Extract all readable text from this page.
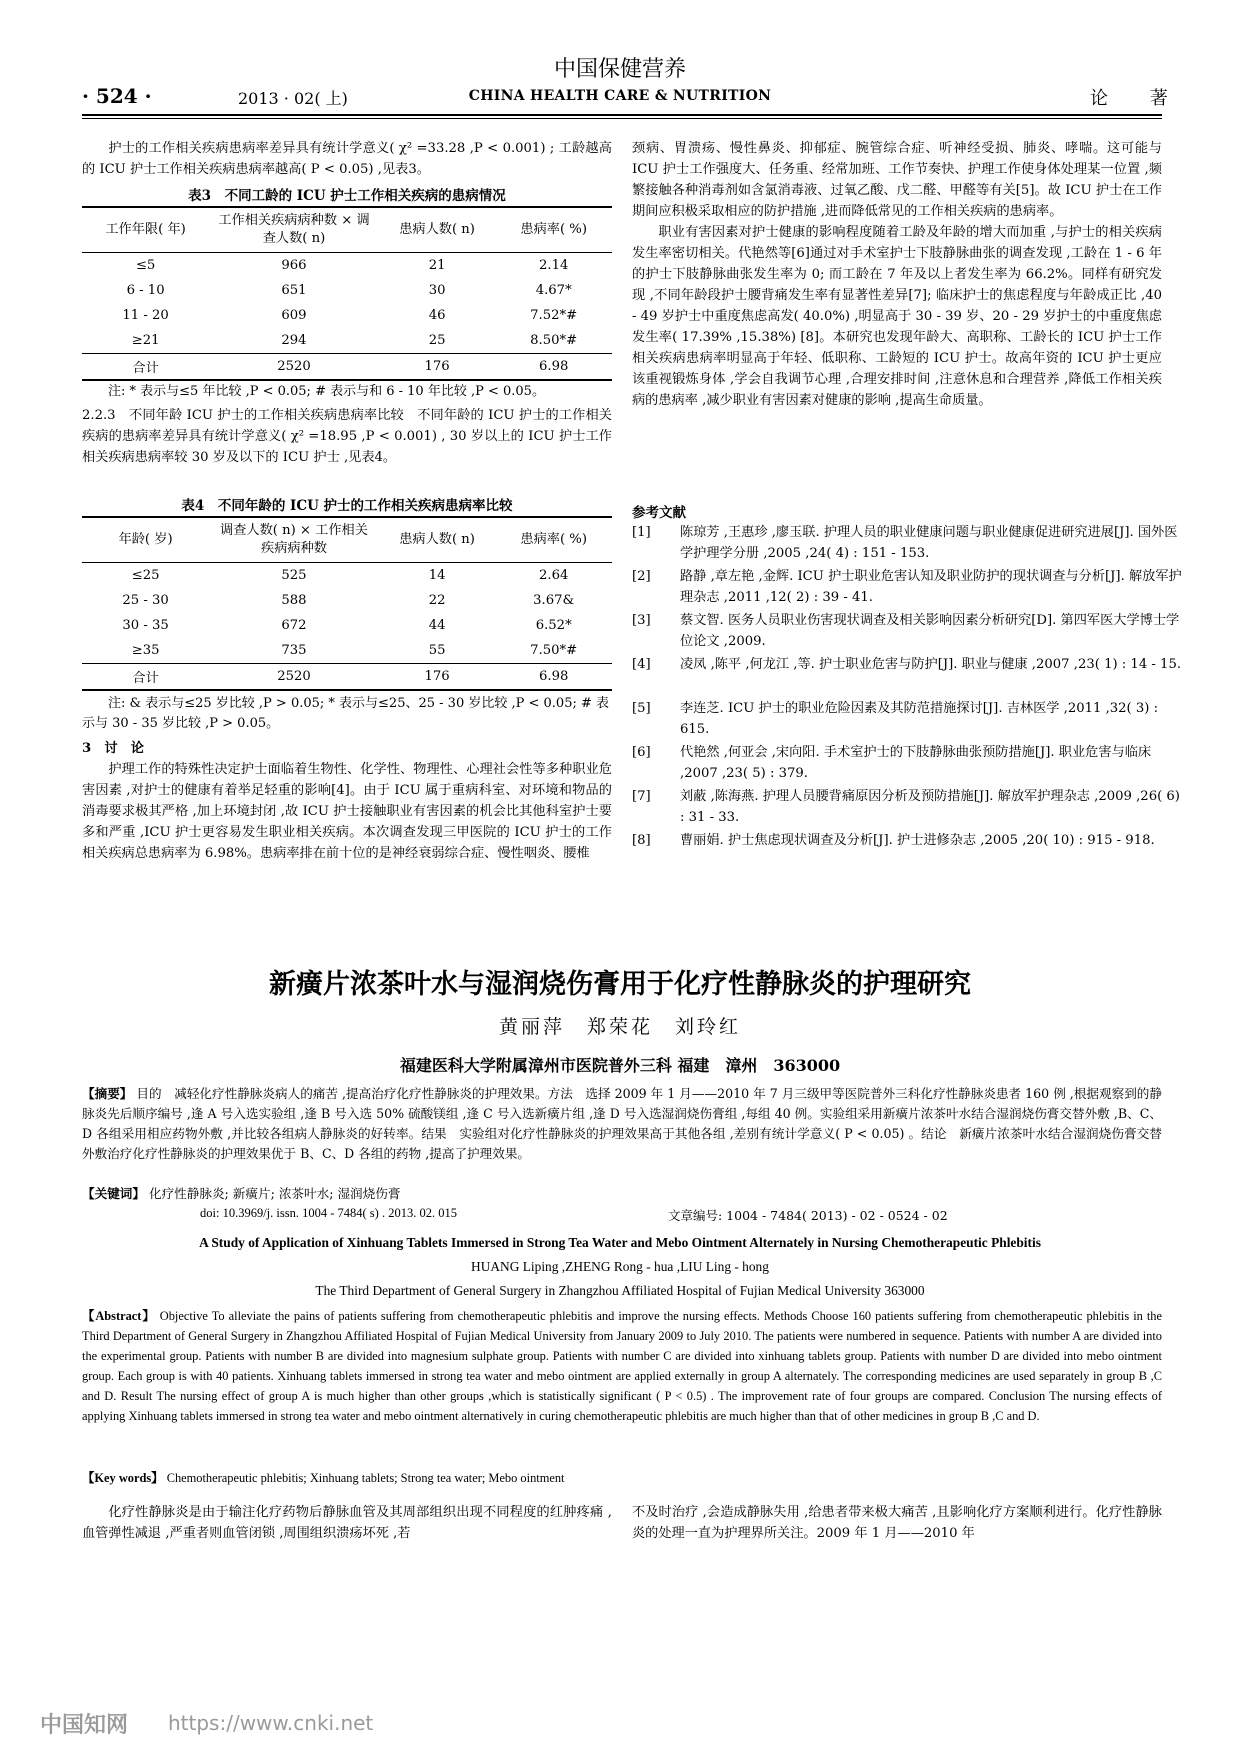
中国保健营养
· 524 ·	2013 · 02( 上)	CHINA HEALTH CARE & NUTRITION	论 著

护士的工作相关疾病患病率差异具有统计学意义( χ² =33.28 ,P < 0.001) ; 工龄越高的 ICU 护士工作相关疾病患病率越高( P < 0.05) ,见表3。

表3　不同工龄的 ICU 护士工作相关疾病的患病情况
工作年限( 年)	工作相关疾病病种数 × 调查人数( n)	患病人数( n)	患病率( %)
≤5	966	21	2.14
6 - 10	651	30	4.67*
11 - 20	609	46	7.52*#
≥21	294	25	8.50*#
合计	2520	176	6.98
注: * 表示与≤5 年比较 ,P < 0.05; # 表示与和 6 - 10 年比较 ,P < 0.05。

2.2.3　不同年龄 ICU 护士的工作相关疾病患病率比较　不同年龄的 ICU 护士的工作相关疾病的患病率差异具有统计学意义( χ² =18.95 ,P < 0.001) , 30 岁以上的 ICU 护士工作相关疾病患病率较 30 岁及以下的 ICU 护士 ,见表4。

表4　不同年龄的 ICU 护士的工作相关疾病患病率比较
年龄( 岁)	调查人数( n) × 工作相关疾病病种数	患病人数( n)	患病率( %)
≤25	525	14	2.64
25 - 30	588	22	3.67&
30 - 35	672	44	6.52*
≥35	735	55	7.50*#
合计	2520	176	6.98
注: & 表示与≤25 岁比较 ,P > 0.05; * 表示与≤25、25 - 30 岁比较 ,P < 0.05; # 表示与 30 - 35 岁比较 ,P > 0.05。

3　讨　论

护理工作的特殊性决定护士面临着生物性、化学性、物理性、心理社会性等多种职业危害因素 ,对护士的健康有着举足轻重的影响[4]。由于 ICU 属于重病科室、对环境和物品的消毒要求极其严格 ,加上环境封闭 ,故 ICU 护士接触职业有害因素的机会比其他科室护士要多和严重 ,ICU 护士更容易发生职业相关疾病。本次调查发现三甲医院的 ICU 护士的工作相关疾病总患病率为 6.98%。患病率排在前十位的是神经衰弱综合症、慢性咽炎、腰椎

颈病、胃溃疡、慢性鼻炎、抑郁症、腕管综合症、听神经受损、肺炎、哮喘。这可能与 ICU 护士工作强度大、任务重、经常加班、工作节奏快、护理工作使身体处理某一位置 ,频繁接触各种消毒剂如含氯消毒液、过氧乙酸、戊二醛、甲醛等有关[5]。故 ICU 护士在工作期间应积极采取相应的防护措施 ,进而降低常见的工作相关疾病的患病率。

职业有害因素对护士健康的影响程度随着工龄及年龄的增大而加重 ,与护士的相关疾病发生率密切相关。代艳然等[6]通过对手术室护士下肢静脉曲张的调查发现 ,工龄在 1 - 6 年的护士下肢静脉曲张发生率为 0; 而工龄在 7 年及以上者发生率为 66.2%。同样有研究发现 ,不同年龄段护士腰背痛发生率有显著性差异[7]; 临床护士的焦虑程度与年龄成正比 ,40 - 49 岁护士中重度焦虑高发( 40.0%) ,明显高于 30 - 39 岁、20 - 29 岁护士的中重度焦虑发生率( 17.39% ,15.38%) [8]。本研究也发现年龄大、高职称、工龄长的 ICU 护士工作相关疾病患病率明显高于年轻、低职称、工龄短的 ICU 护士。故高年资的 ICU 护士更应该重视锻炼身体 ,学会自我调节心理 ,合理安排时间 ,注意休息和合理营养 ,降低工作相关疾病的患病率 ,减少职业有害因素对健康的影响 ,提高生命质量。

参考文献
[1] 陈琼芳 ,王惠珍 ,廖玉联. 护理人员的职业健康问题与职业健康促进研究进展[J]. 国外医学护理学分册 ,2005 ,24( 4) : 151 - 153.
[2] 路静 ,章左艳 ,金辉. ICU 护士职业危害认知及职业防护的现状调查与分析[J]. 解放军护理杂志 ,2011 ,12( 2) : 39 - 41.
[3] 蔡文智. 医务人员职业伤害现状调查及相关影响因素分析研究[D]. 第四军医大学博士学位论文 ,2009.
[4] 凌凤 ,陈平 ,何龙江 ,等. 护士职业危害与防护[J]. 职业与健康 ,2007 ,23( 1) : 14 - 15.
[5] 李连芝. ICU 护士的职业危险因素及其防范措施探讨[J]. 吉林医学 ,2011 ,32( 3) : 615.
[6] 代艳然 ,何亚会 ,宋向阳. 手术室护士的下肢静脉曲张预防措施[J]. 职业危害与临床 ,2007 ,23( 5) : 379.
[7] 刘蔽 ,陈海燕. 护理人员腰背痛原因分析及预防措施[J]. 解放军护理杂志 ,2009 ,26( 6) : 31 - 33.
[8] 曹丽娟. 护士焦虑现状调查及分析[J]. 护士进修杂志 ,2005 ,20( 10) : 915 - 918.
新癀片浓茶叶水与湿润烧伤膏用于化疗性静脉炎的护理研究
黄丽萍　郑荣花　刘玲红
福建医科大学附属漳州市医院普外三科 福建　漳州　363000
【摘要】 目的　减轻化疗性静脉炎病人的痛苦 ,提高治疗化疗性静脉炎的护理效果。方法　选择 2009 年 1 月——2010 年 7 月三级甲等医院普外三科化疗性静脉炎患者 160 例 ,根据观察到的静脉炎先后顺序编号 ,逢 A 号入选实验组 ,逢 B 号入选 50% 硫酸镁组 ,逢 C 号入选新癀片组 ,逢 D 号入选湿润烧伤膏组 ,每组 40 例。实验组采用新癀片浓茶叶水结合湿润烧伤膏交替外敷 ,B、C、D 各组采用相应药物外敷 ,并比较各组病人静脉炎的好转率。结果　实验组对化疗性静脉炎的护理效果高于其他各组 ,差别有统计学意义( P < 0.05) 。结论　新癀片浓茶叶水结合湿润烧伤膏交替外敷治疗化疗性静脉炎的护理效果优于 B、C、D 各组的药物 ,提高了护理效果。
【关键词】 化疗性静脉炎; 新癀片; 浓茶叶水; 湿润烧伤膏
doi: 10.3969/j. issn. 1004 - 7484( s) . 2013. 02. 015	文章编号: 1004 - 7484( 2013) - 02 - 0524 - 02
A Study of Application of Xinhuang Tablets Immersed in Strong Tea Water and Mebo Ointment Alternately in Nursing Chemotherapeutic Phlebitis
HUANG Liping ,ZHENG Rong - hua ,LIU Ling - hong
The Third Department of General Surgery in Zhangzhou Affiliated Hospital of Fujian Medical University 363000
【Abstract】 Objective To alleviate the pains of patients suffering from chemotherapeutic phlebitis and improve the nursing effects. Methods Choose 160 patients suffering from chemotherapeutic phlebitis in the Third Department of General Surgery in Zhangzhou Affiliated Hospital of Fujian Medical University from January 2009 to July 2010. The patients were numbered in sequence. Patients with number A are divided into the experimental group. Patients with number B are divided into magnesium sulphate group. Patients with number C are divided into xinhuang tablets group. Patients with number D are divided into mebo ointment group. Each group is with 40 patients. Xinhuang tablets immersed in strong tea water and mebo ointment are applied externally in group A alternately. The corresponding medicines are used separately in group B ,C and D. Result The nursing effect of group A is much higher than other groups ,which is statistically significant ( P < 0.5) . The improvement rate of four groups are compared. Conclusion The nursing effects of applying Xinhuang tablets immersed in strong tea water and mebo ointment alternatively in curing chemotherapeutic phlebitis are much higher than that of other medicines in group B ,C and D.
【Key words】 Chemotherapeutic phlebitis; Xinhuang tablets; Strong tea water; Mebo ointment

化疗性静脉炎是由于输注化疗药物后静脉血管及其周部组织出现不同程度的红肿疼痛 ,血管弹性减退 ,严重者则血管闭锁 ,周围组织溃疡坏死 ,若

不及时治疗 ,会造成静脉失用 ,给患者带来极大痛苦 ,且影响化疗方案顺利进行。化疗性静脉炎的处理一直为护理界所关注。2009 年 1 月——2010 年

中国知网 https://www.cnki.net
